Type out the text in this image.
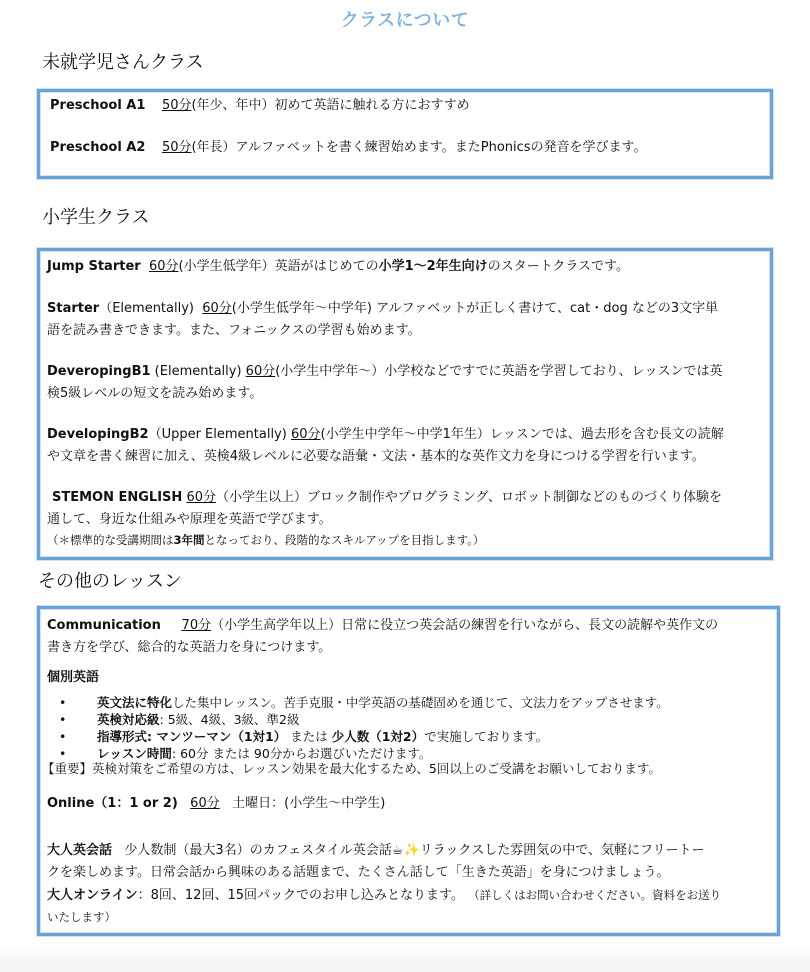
クラスについて
未就学児さんクラス
Preschool A1 50分(年少、年中）初めて英語に触れる方におすすめ
Preschool A2 50分(年長）アルファベットを書く練習始めます。またPhonicsの発音を学びます。
小学生クラス
Jump Starter 60分(小学生低学年）英語がはじめての小学1〜2年生向けのスタートクラスです。
Starter（Elementally) 60分(小学生低学年〜中学年) アルファベットが正しく書けて、cat・dog などの3文字単
語を読み書きできます。また、フォニックスの学習も始めます。
DeveropingB1 (Elementally) 60分(小学生中学年〜）小学校などですでに英語を学習しており、レッスンでは英
検5級レベルの短文を読み始めます。
DevelopingB2（Upper Elementally) 60分(小学生中学年〜中学1年生）レッスンでは、過去形を含む長文の読解
や文章を書く練習に加え、英検4級レベルに必要な語彙・文法・基本的な英作文力を身につける学習を行います。
STEMON ENGLISH 60分（小学生以上）ブロック制作やプログラミング、ロボット制御などのものづくり体験を
通して、身近な仕組みや原理を英語で学びます。
（＊標準的な受講期間は3年間となっており、段階的なスキルアップを目指します。）
その他のレッスン
Communication 70分（小学生高学年以上）日常に役立つ英会話の練習を行いながら、長文の読解や英作文の
書き方を学び、総合的な英語力を身につけます。
個別英語
• 英文法に特化した集中レッスン。苦手克服・中学英語の基礎固めを通じて、文法力をアップさせます。
• 英検対応級: 5級、4級、3級、準2級
• 指導形式: マンツーマン（1対1） または 少人数（1対2）で実施しております。
• レッスン時間: 60分 または 90分からお選びいただけます。
【重要】英検対策をご希望の方は、レッスン効果を最大化するため、5回以上のご受講をお願いしております。
Online（1：1 or 2) 60分 土曜日：(小学生〜中学生)
大人英会話 少人数制（最大3名）のカフェスタイル英会話☕✨リラックスした雰囲気の中で、気軽にフリートー
クを楽しめます。日常会話から興味のある話題まで、たくさん話して「生きた英語」を身につけましょう。
大人オンライン：8回、12回、15回パックでのお申し込みとなります。 （詳しくはお問い合わせください。資料をお送り
いたします）
